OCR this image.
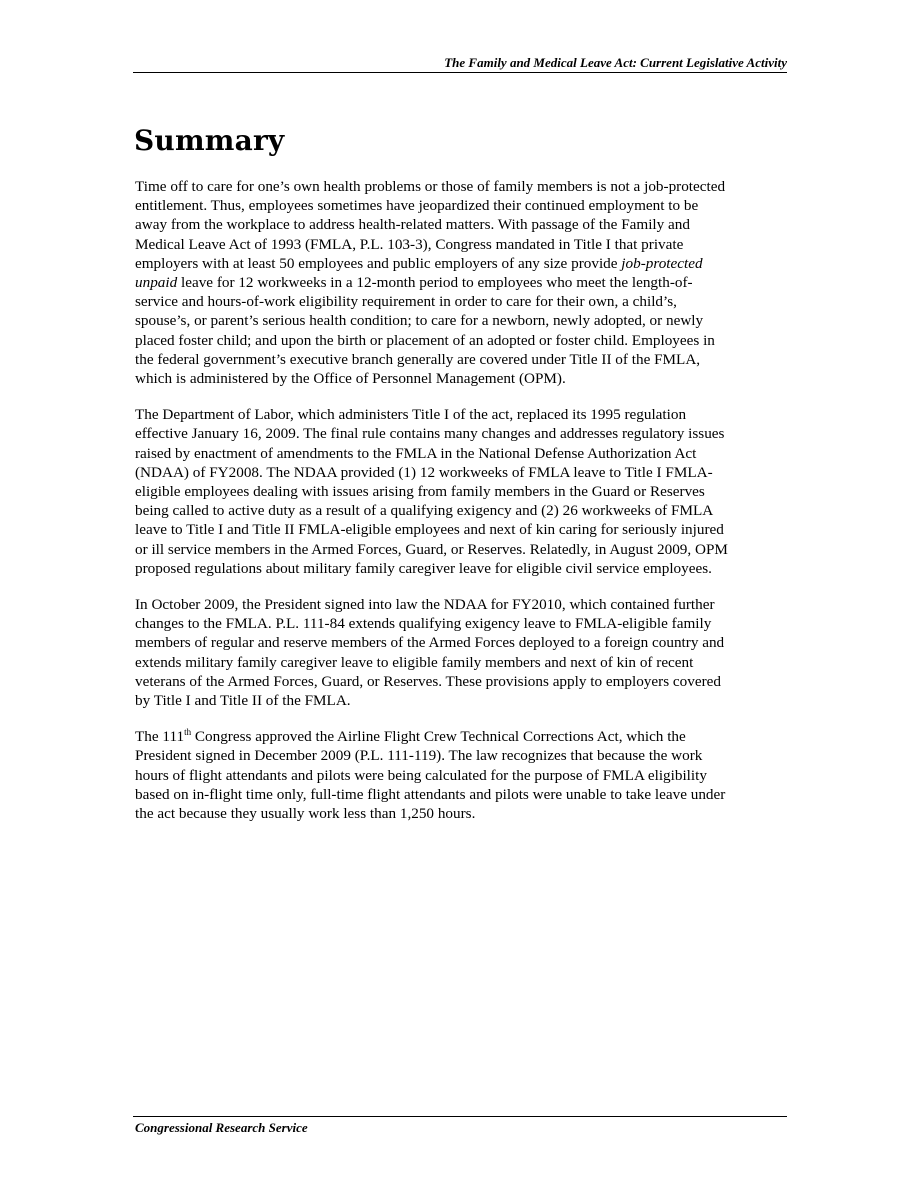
The Family and Medical Leave Act: Current Legislative Activity
Summary

Time off to care for one’s own health problems or those of family members is not a job-protected
entitlement. Thus, employees sometimes have jeopardized their continued employment to be
away from the workplace to address health-related matters. With passage of the Family and
Medical Leave Act of 1993 (FMLA, P.L. 103-3), Congress mandated in Title I that private
employers with at least 50 employees and public employers of any size provide job-protected
unpaid leave for 12 workweeks in a 12-month period to employees who meet the length-of-
service and hours-of-work eligibility requirement in order to care for their own, a child’s,
spouse’s, or parent’s serious health condition; to care for a newborn, newly adopted, or newly
placed foster child; and upon the birth or placement of an adopted or foster child. Employees in
the federal government’s executive branch generally are covered under Title II of the FMLA,
which is administered by the Office of Personnel Management (OPM).

The Department of Labor, which administers Title I of the act, replaced its 1995 regulation
effective January 16, 2009. The final rule contains many changes and addresses regulatory issues
raised by enactment of amendments to the FMLA in the National Defense Authorization Act
(NDAA) of FY2008. The NDAA provided (1) 12 workweeks of FMLA leave to Title I FMLA-
eligible employees dealing with issues arising from family members in the Guard or Reserves
being called to active duty as a result of a qualifying exigency and (2) 26 workweeks of FMLA
leave to Title I and Title II FMLA-eligible employees and next of kin caring for seriously injured
or ill service members in the Armed Forces, Guard, or Reserves. Relatedly, in August 2009, OPM
proposed regulations about military family caregiver leave for eligible civil service employees.

In October 2009, the President signed into law the NDAA for FY2010, which contained further
changes to the FMLA. P.L. 111-84 extends qualifying exigency leave to FMLA-eligible family
members of regular and reserve members of the Armed Forces deployed to a foreign country and
extends military family caregiver leave to eligible family members and next of kin of recent
veterans of the Armed Forces, Guard, or Reserves. These provisions apply to employers covered
by Title I and Title II of the FMLA.

The 111th Congress approved the Airline Flight Crew Technical Corrections Act, which the
President signed in December 2009 (P.L. 111-119). The law recognizes that because the work
hours of flight attendants and pilots were being calculated for the purpose of FMLA eligibility
based on in-flight time only, full-time flight attendants and pilots were unable to take leave under
the act because they usually work less than 1,250 hours.

Congressional Research Service
